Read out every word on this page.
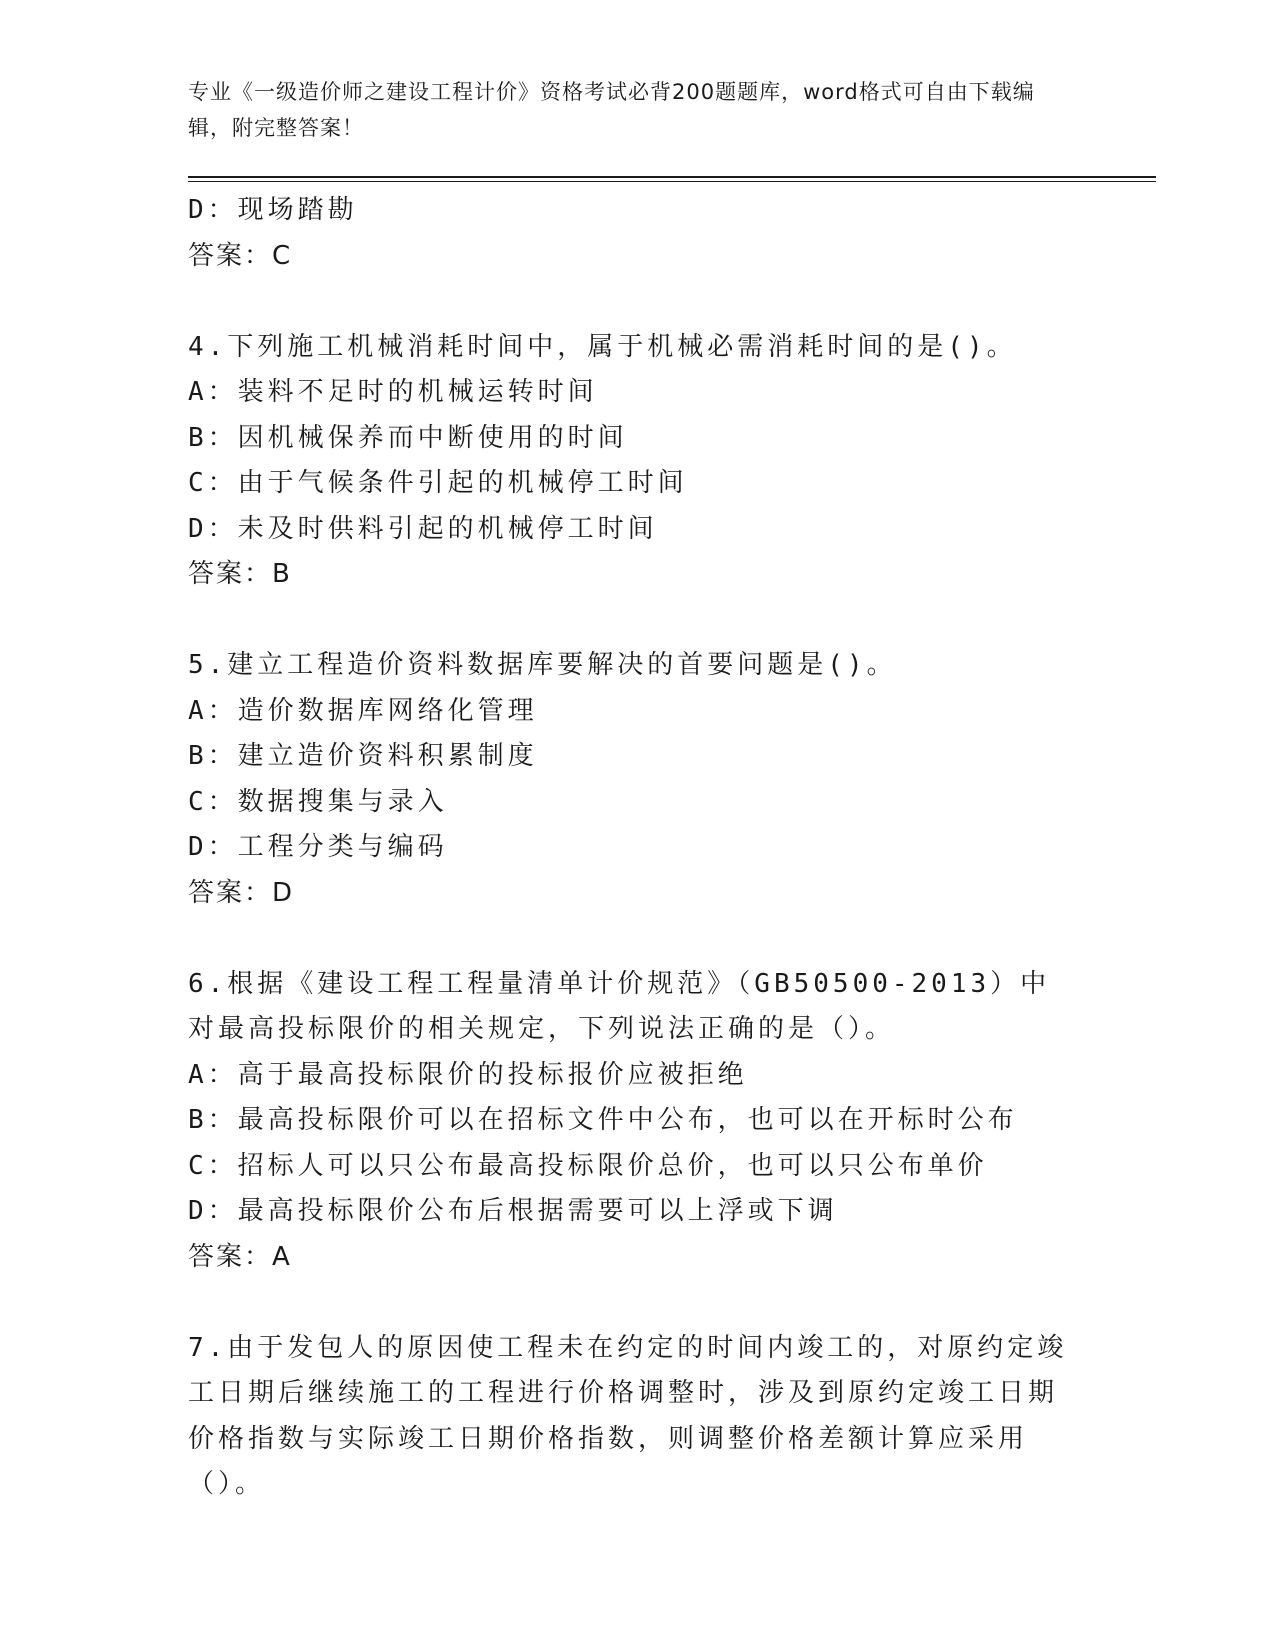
专业《一级造价师之建设工程计价》资格考试必背200题题库，word格式可自由下载编辑，附完整答案！
D：现场踏勘
答案：C
4.下列施工机械消耗时间中，属于机械必需消耗时间的是()。
A：装料不足时的机械运转时间
B：因机械保养而中断使用的时间
C：由于气候条件引起的机械停工时间
D：未及时供料引起的机械停工时间
答案：B
5.建立工程造价资料数据库要解决的首要问题是()。
A：造价数据库网络化管理
B：建立造价资料积累制度
C：数据搜集与录入
D：工程分类与编码
答案：D
6.根据《建设工程工程量清单计价规范》（GB50500-2013）中对最高投标限价的相关规定，下列说法正确的是（）。
A：高于最高投标限价的投标报价应被拒绝
B：最高投标限价可以在招标文件中公布，也可以在开标时公布
C：招标人可以只公布最高投标限价总价，也可以只公布单价
D：最高投标限价公布后根据需要可以上浮或下调
答案：A
7.由于发包人的原因使工程未在约定的时间内竣工的，对原约定竣工日期后继续施工的工程进行价格调整时，涉及到原约定竣工日期价格指数与实际竣工日期价格指数，则调整价格差额计算应采用（）。
